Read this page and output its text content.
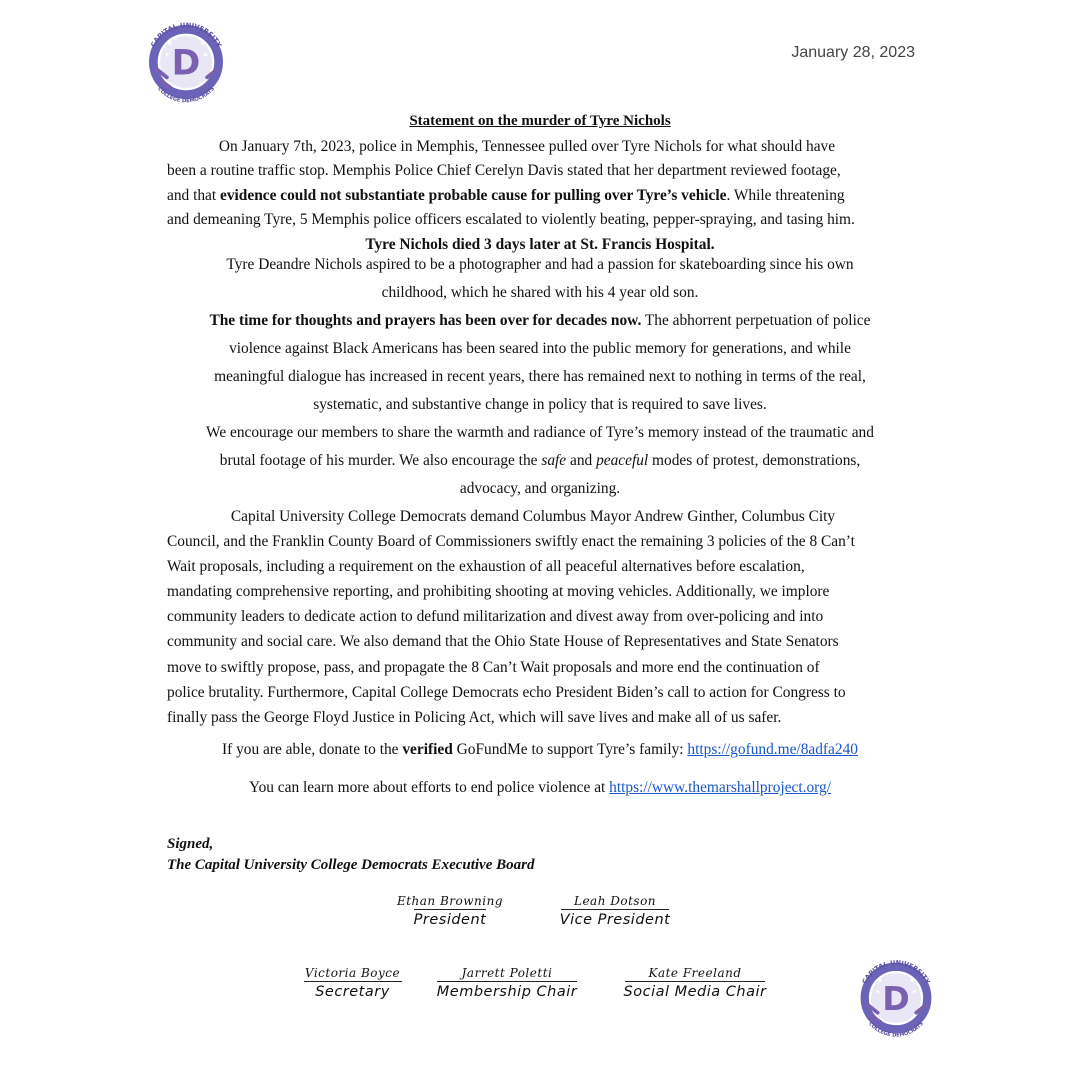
★	★
★	★
D
CAPITAL UNIVERSITY
COLLEGE DEMOCRATS
★	★
★	★
D
CAPITAL UNIVERSITY
COLLEGE DEMOCRATS
January 28, 2023
Statement on the murder of Tyre Nichols
On January 7th, 2023, police in Memphis, Tennessee pulled over Tyre Nichols for what should have
been a routine traffic stop. Memphis Police Chief Cerelyn Davis stated that her department reviewed footage,
and that evidence could not substantiate probable cause for pulling over Tyre’s vehicle. While threatening
and demeaning Tyre, 5 Memphis police officers escalated to violently beating, pepper-spraying, and tasing him.
Tyre Nichols died 3 days later at St. Francis Hospital.
Tyre Deandre Nichols aspired to be a photographer and had a passion for skateboarding since his own
childhood, which he shared with his 4 year old son.
The time for thoughts and prayers has been over for decades now. The abhorrent perpetuation of police
violence against Black Americans has been seared into the public memory for generations, and while
meaningful dialogue has increased in recent years, there has remained next to nothing in terms of the real,
systematic, and substantive change in policy that is required to save lives.
We encourage our members to share the warmth and radiance of Tyre’s memory instead of the traumatic and
brutal footage of his murder. We also encourage the safe and peaceful modes of protest, demonstrations,
advocacy, and organizing.
Capital University College Democrats demand Columbus Mayor Andrew Ginther, Columbus City
Council, and the Franklin County Board of Commissioners swiftly enact the remaining 3 policies of the 8 Can’t
Wait proposals, including a requirement on the exhaustion of all peaceful alternatives before escalation,
mandating comprehensive reporting, and prohibiting shooting at moving vehicles. Additionally, we implore
community leaders to dedicate action to defund militarization and divest away from over-policing and into
community and social care. We also demand that the Ohio State House of Representatives and State Senators
move to swiftly propose, pass, and propagate the 8 Can’t Wait proposals and more end the continuation of
police brutality. Furthermore, Capital College Democrats echo President Biden’s call to action for Congress to
finally pass the George Floyd Justice in Policing Act, which will save lives and make all of us safer.
If you are able, donate to the verified GoFundMe to support Tyre’s family: https://gofund.me/8adfa240
You can learn more about efforts to end police violence at https://www.themarshallproject.org/
Signed,
The Capital University College Democrats Executive Board
Ethan Browning
President
Leah Dotson
Vice President
Victoria Boyce
Secretary
Jarrett Poletti
Membership Chair
Kate Freeland
Social Media Chair
